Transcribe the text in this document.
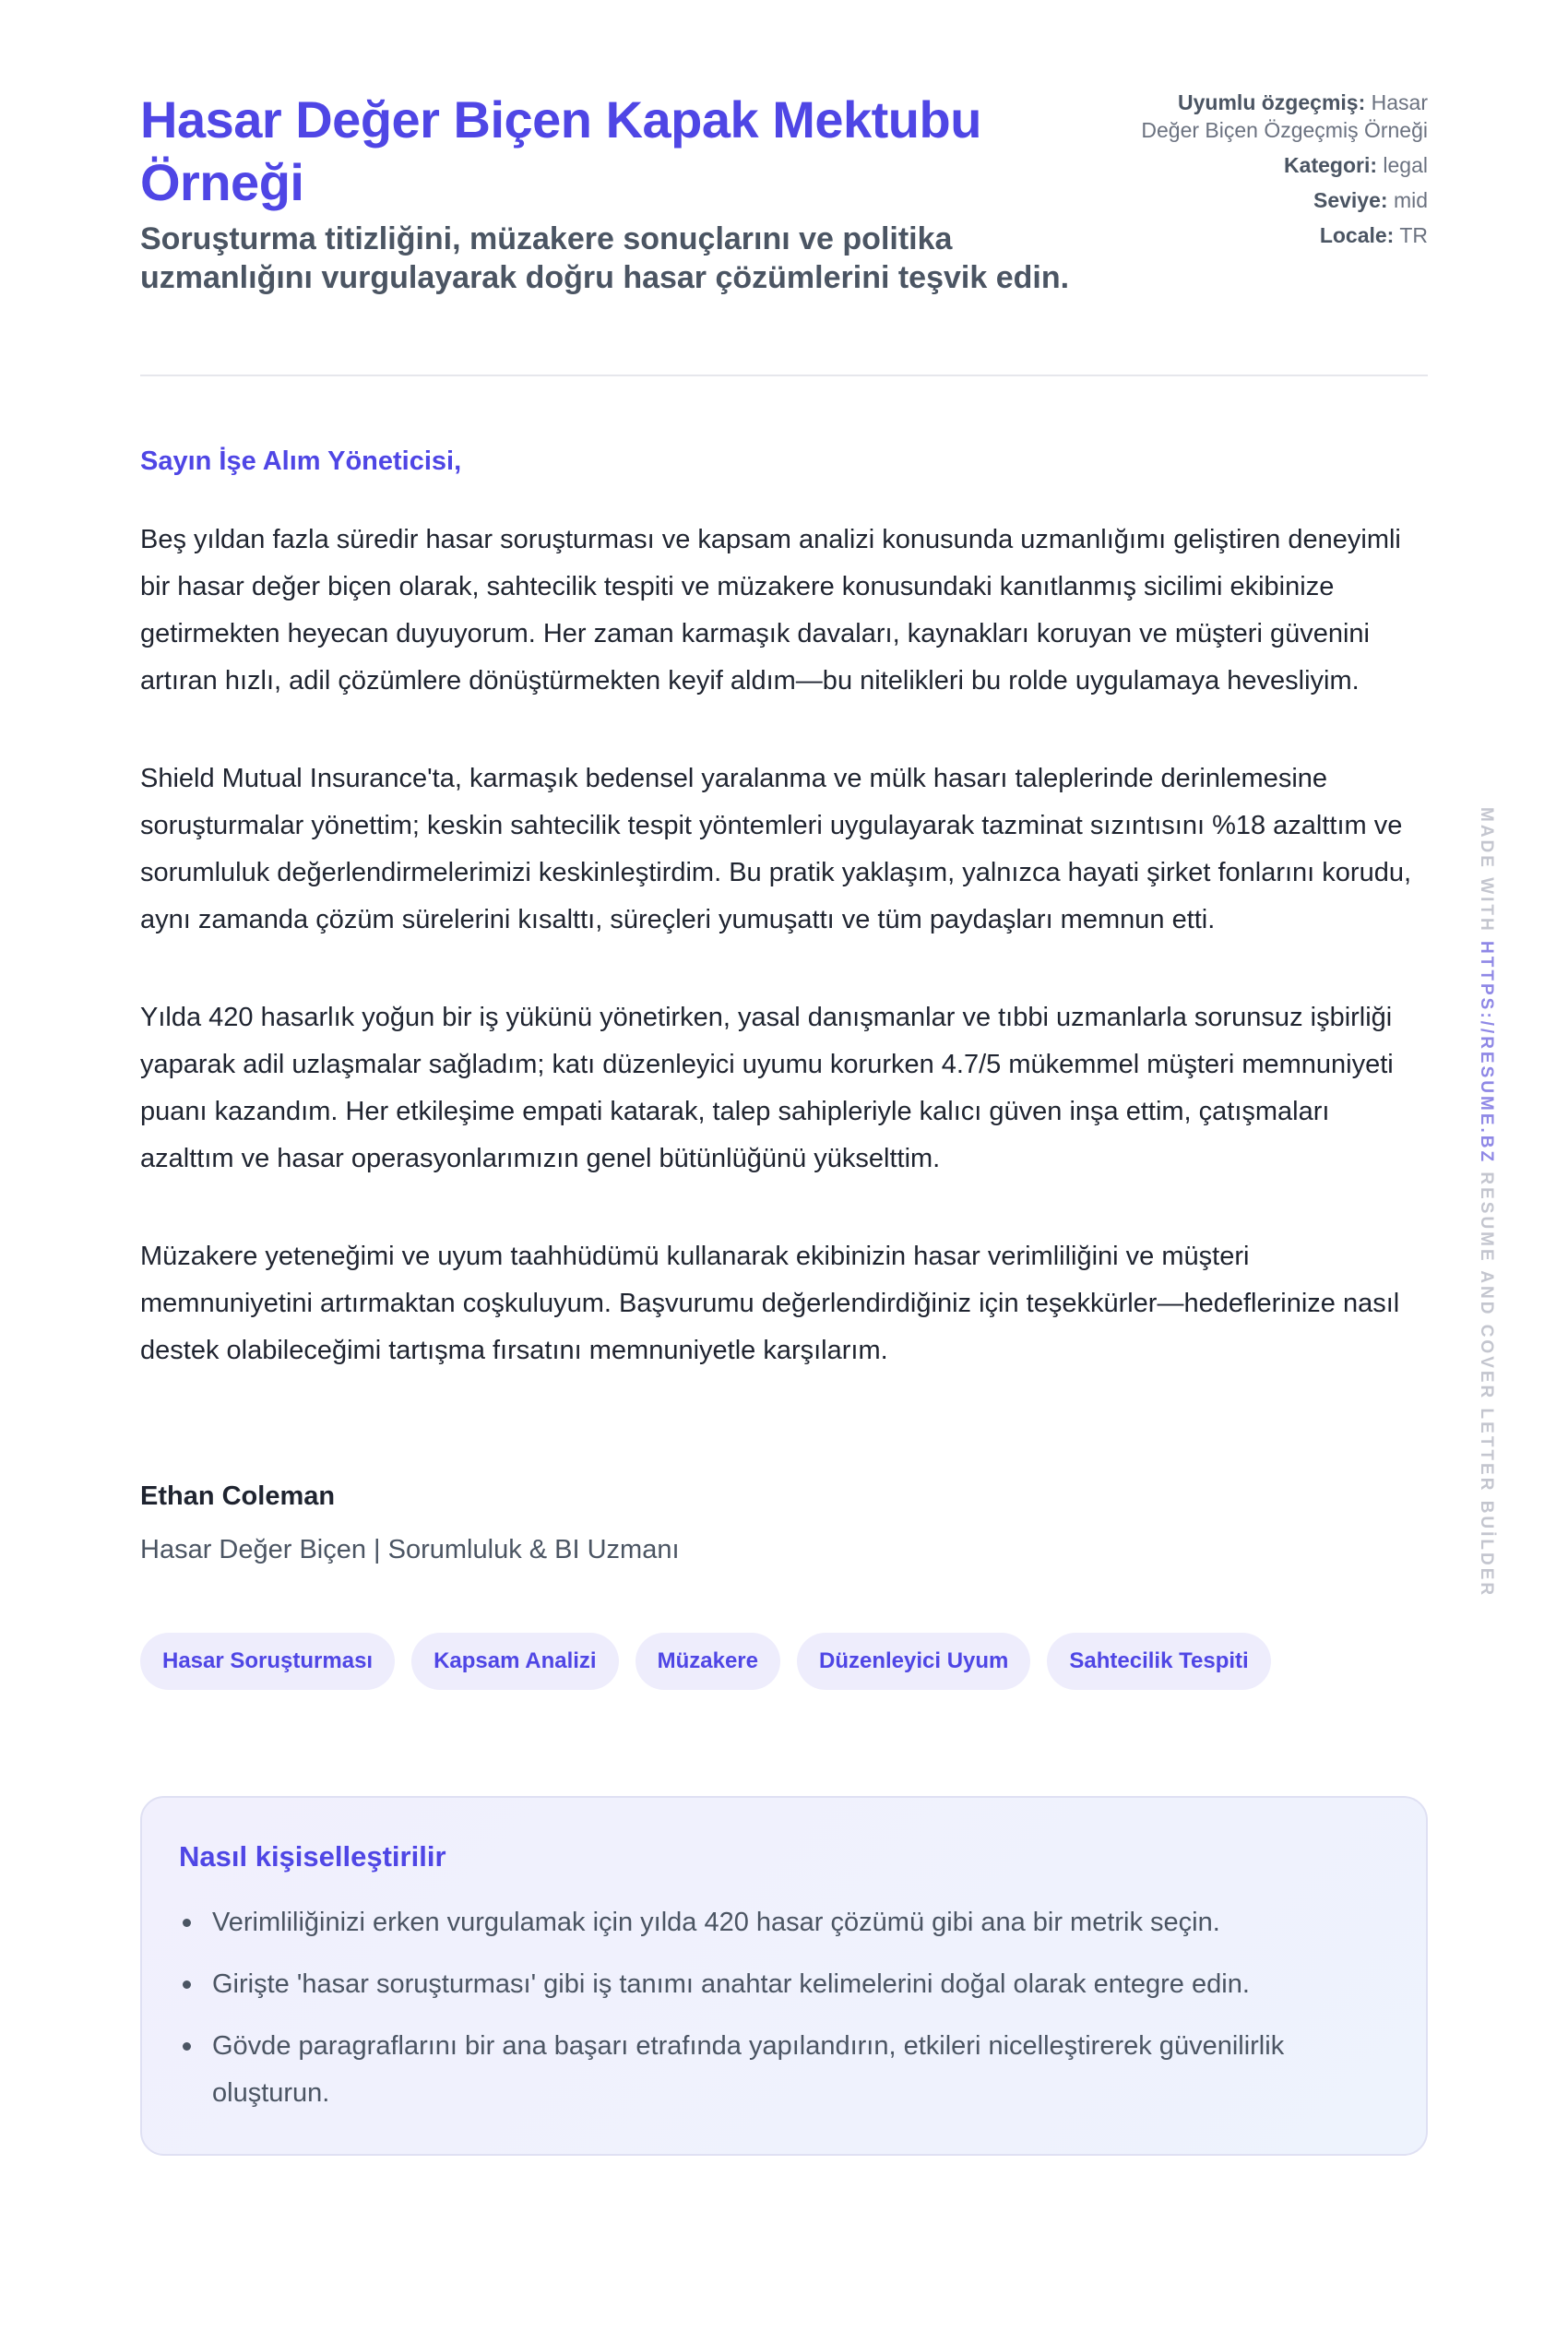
Hasar Değer Biçen Kapak Mektubu Örneği
Soruşturma titizliğini, müzakere sonuçlarını ve politika uzmanlığını vurgulayarak doğru hasar çözümlerini teşvik edin.
Uyumlu özgeçmiş: Hasar Değer Biçen Özgeçmiş Örneği
Kategori: legal
Seviye: mid
Locale: TR
Sayın İşe Alım Yöneticisi,

Beş yıldan fazla süredir hasar soruşturması ve kapsam analizi konusunda uzmanlığımı geliştiren deneyimli bir hasar değer biçen olarak, sahtecilik tespiti ve müzakere konusundaki kanıtlanmış sicilimi ekibinize getirmekten heyecan duyuyorum. Her zaman karmaşık davaları, kaynakları koruyan ve müşteri güvenini artıran hızlı, adil çözümlere dönüştürmekten keyif aldım—bu nitelikleri bu rolde uygulamaya hevesliyim.

Shield Mutual Insurance'ta, karmaşık bedensel yaralanma ve mülk hasarı taleplerinde derinlemesine soruşturmalar yönettim; keskin sahtecilik tespit yöntemleri uygulayarak tazminat sızıntısını %18 azalttım ve sorumluluk değerlendirmelerimizi keskinleştirdim. Bu pratik yaklaşım, yalnızca hayati şirket fonlarını korudu, aynı zamanda çözüm sürelerini kısalttı, süreçleri yumuşattı ve tüm paydaşları memnun etti.

Yılda 420 hasarlık yoğun bir iş yükünü yönetirken, yasal danışmanlar ve tıbbi uzmanlarla sorunsuz işbirliği yaparak adil uzlaşmalar sağladım; katı düzenleyici uyumu korurken 4.7/5 mükemmel müşteri memnuniyeti puanı kazandım. Her etkileşime empati katarak, talep sahipleriyle kalıcı güven inşa ettim, çatışmaları azalttım ve hasar operasyonlarımızın genel bütünlüğünü yükselttim.

Müzakere yeteneğimi ve uyum taahhüdümü kullanarak ekibinizin hasar verimliliğini ve müşteri memnuniyetini artırmaktan coşkuluyum. Başvurumu değerlendirdiğiniz için teşekkürler—hedeflerinize nasıl destek olabileceğimi tartışma fırsatını memnuniyetle karşılarım.

Ethan Coleman
Hasar Değer Biçen | Sorumluluk & BI Uzmanı
Hasar Soruşturması	Kapsam Analizi	Müzakere	Düzenleyici Uyum	Sahtecilik Tespiti
Nasıl kişiselleştirilir
Verimliliğinizi erken vurgulamak için yılda 420 hasar çözümü gibi ana bir metrik seçin.
Girişte 'hasar soruşturması' gibi iş tanımı anahtar kelimelerini doğal olarak entegre edin.
Gövde paragraflarını bir ana başarı etrafında yapılandırın, etkileri nicelleştirerek güvenilirlik oluşturun.
MADE WITH HTTPS://RESUME.BZ RESUME AND COVER LETTER BUİLDER
